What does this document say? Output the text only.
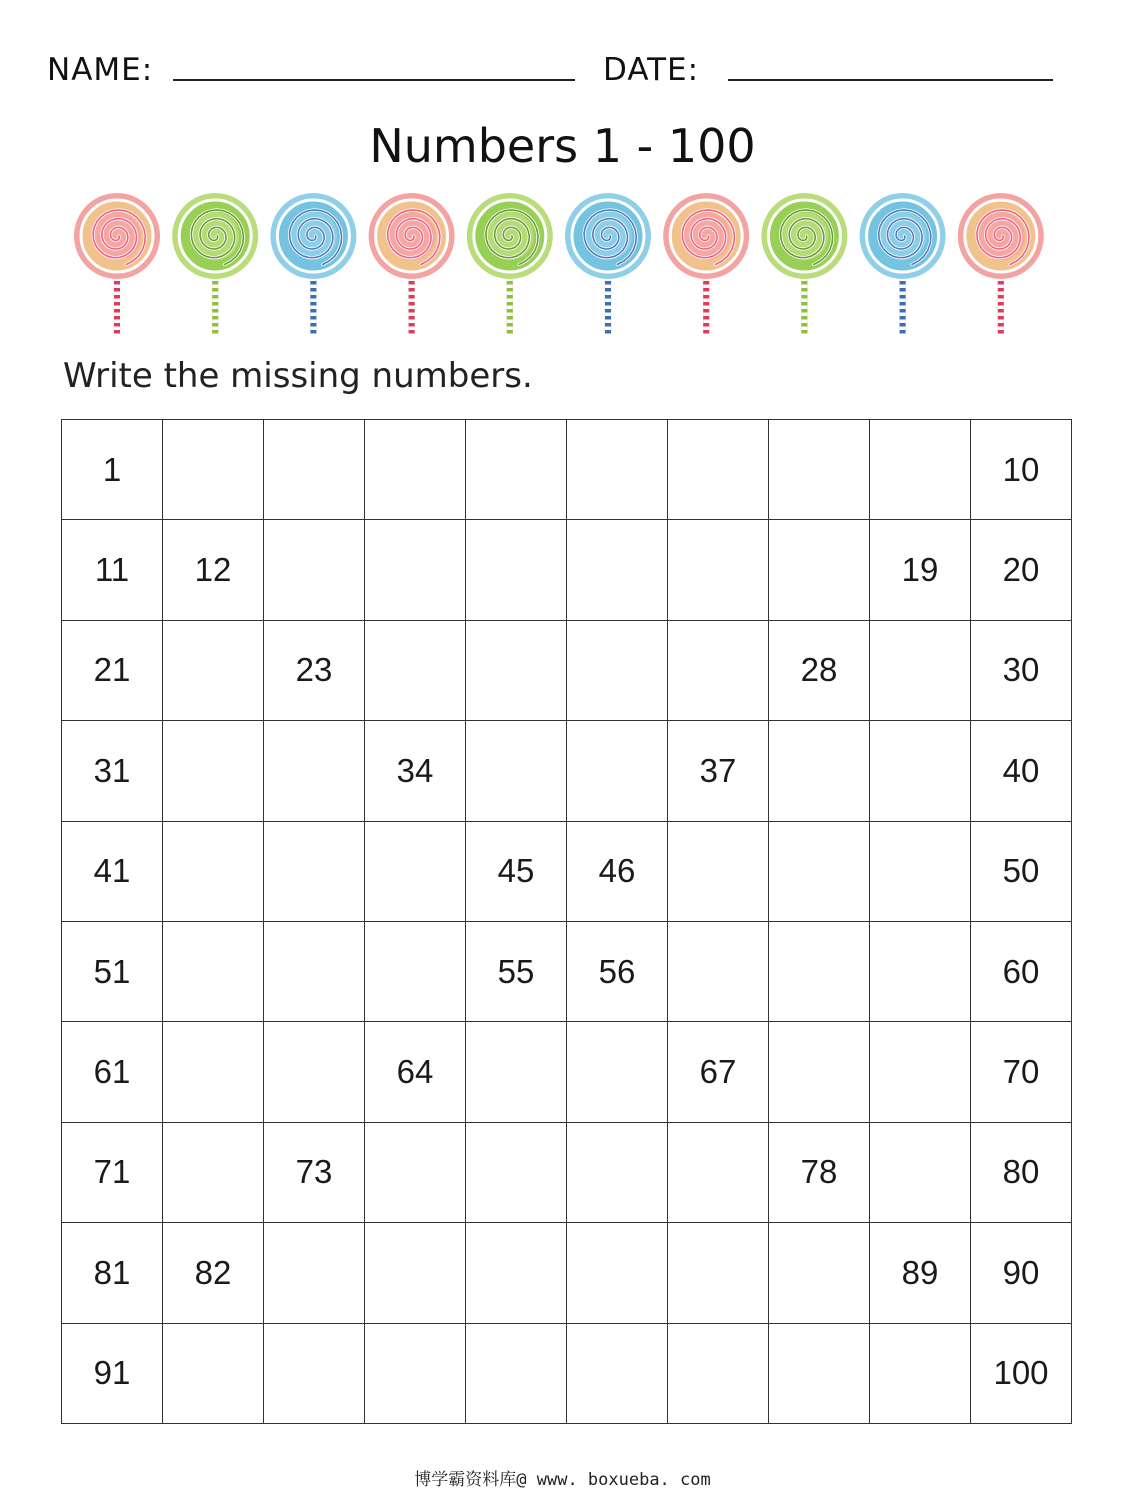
NAME:	DATE:
Numbers 1 - 100
Write the missing numbers.
1									10
11	12							19	20
21		23					28		30
31			34			37			40
41				45	46				50
51				55	56				60
61			64			67			70
71		73					78		80
81	82							89	90
91									100
博学霸资料库@ www. boxueba. com
